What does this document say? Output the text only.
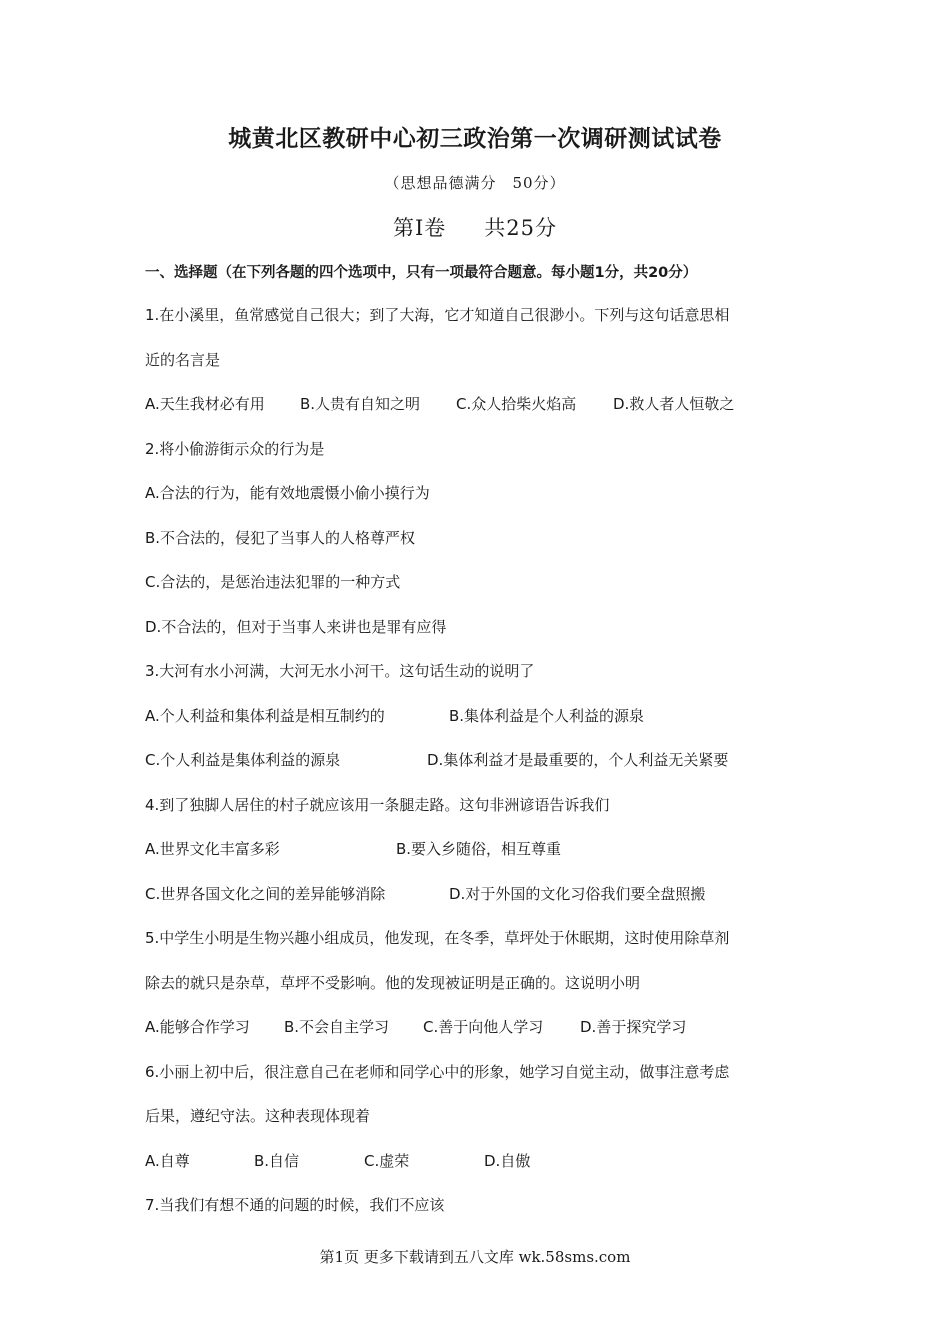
城黄北区教研中心初三政治第一次调研测试试卷
（思想品德满分　50分）
第Ⅰ卷 共25分
一、选择题（在下列各题的四个选项中，只有一项最符合题意。每小题1分，共20分）
1.在小溪里，鱼常感觉自己很大；到了大海，它才知道自己很渺小。下列与这句话意思相
近的名言是
A.天生我材必有用 B.人贵有自知之明 C.众人拾柴火焰高 D.救人者人恒敬之
2.将小偷游街示众的行为是
A.合法的行为，能有效地震慑小偷小摸行为
B.不合法的，侵犯了当事人的人格尊严权
C.合法的，是惩治违法犯罪的一种方式
D.不合法的，但对于当事人来讲也是罪有应得
3.大河有水小河满，大河无水小河干。这句话生动的说明了
A.个人利益和集体利益是相互制约的	B.集体利益是个人利益的源泉
C.个人利益是集体利益的源泉	D.集体利益才是最重要的，个人利益无关紧要
4.到了独脚人居住的村子就应该用一条腿走路。这句非洲谚语告诉我们
A.世界文化丰富多彩	B.要入乡随俗，相互尊重
C.世界各国文化之间的差异能够消除	D.对于外国的文化习俗我们要全盘照搬
5.中学生小明是生物兴趣小组成员，他发现，在冬季，草坪处于休眠期，这时使用除草剂
除去的就只是杂草，草坪不受影响。他的发现被证明是正确的。这说明小明
A.能够合作学习 B.不会自主学习 C.善于向他人学习 D.善于探究学习
6.小丽上初中后，很注意自己在老师和同学心中的形象，她学习自觉主动，做事注意考虑
后果，遵纪守法。这种表现体现着
A.自尊	B.自信	C.虚荣	D.自傲
7.当我们有想不通的问题的时候，我们不应该
第1页 更多下载请到五八文库 wk.58sms.com
